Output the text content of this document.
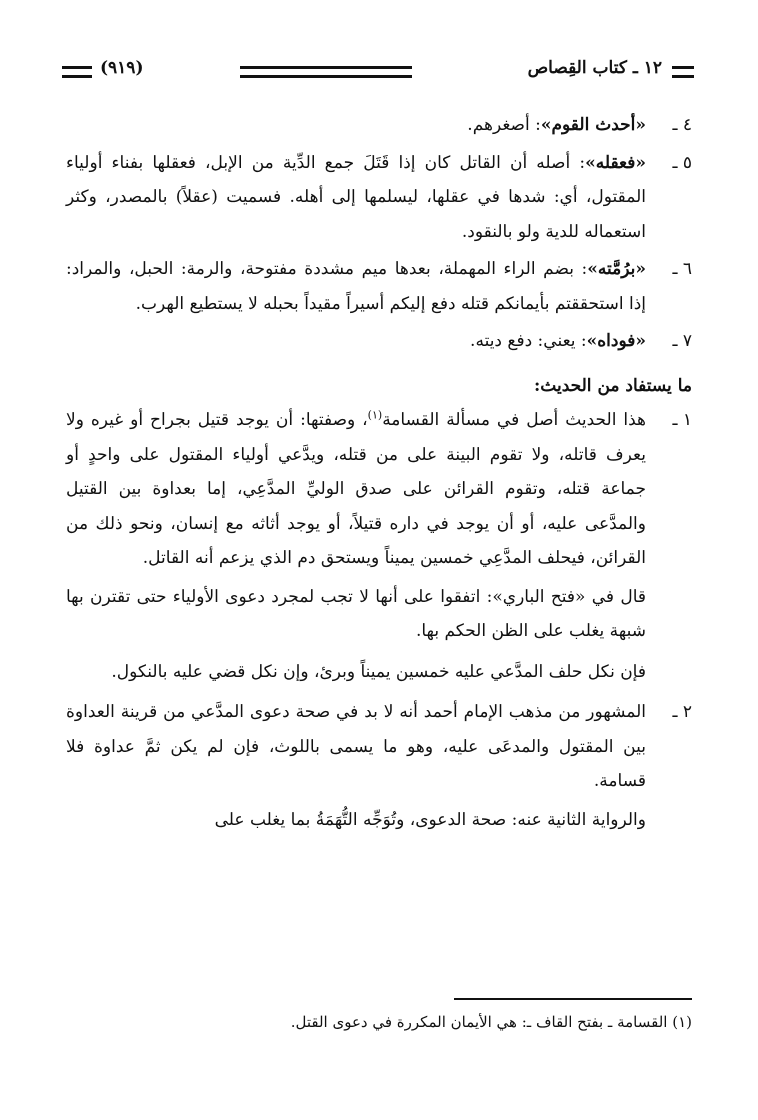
١٢ ـ كتاب القِصاص
(٩١٩)
٤ ـ
«أحدث القوم»: أصغرهم.
٥ ـ
«فعقله»: أصله أن القاتل كان إذا قَتَلَ جمع الدِّية من الإبل، فعقلها بفناء أولياء المقتول، أي: شدها في عقلها، ليسلمها إلى أهله. فسميت (عقلاً) بالمصدر، وكثر استعماله للدية ولو بالنقود.
٦ ـ
«برُمَّته»: بضم الراء المهملة، بعدها ميم مشددة مفتوحة، والرمة: الحبل، والمراد: إذا استحققتم بأيمانكم قتله دفع إليكم أسيراً مقيداً بحبله لا يستطيع الهرب.
٧ ـ
«فوداه»: يعني: دفع ديته.
ما يستفاد من الحديث:
١ ـ
هذا الحديث أصل في مسألة القسامة$^{(١)}$، وصفتها: أن يوجد قتيل بجراح أو غيره ولا يعرف قاتله، ولا تقوم البينة على من قتله، ويدَّعي أولياء المقتول على واحدٍ أو جماعة قتله، وتقوم القرائن على صدق الوليِّ المدَّعِي، إما بعداوة بين القتيل والمدَّعى عليه، أو أن يوجد في داره قتيلاً، أو يوجد أثاثه مع إنسان، ونحو ذلك من القرائن، فيحلف المدَّعِي خمسين يميناً ويستحق دم الذي يزعم أنه القاتل.
قال في «فتح الباري»: اتفقوا على أنها لا تجب لمجرد دعوى الأولياء حتى تقترن بها شبهة يغلب على الظن الحكم بها.
فإن نكل حلف المدَّعي عليه خمسين يميناً وبرئ، وإن نكل قضي عليه بالنكول.
٢ ـ
المشهور من مذهب الإمام أحمد أنه لا بد في صحة دعوى المدَّعي من قرينة العداوة بين المقتول والمدعَى عليه، وهو ما يسمى باللوث، فإن لم يكن ثمَّ عداوة فلا قسامة.
والرواية الثانية عنه: صحة الدعوى، وتُوَجِّه التُّهَمَةُ بما يغلب على
(١) القسامة ـ بفتح القاف ـ: هي الأيمان المكررة في دعوى القتل.
